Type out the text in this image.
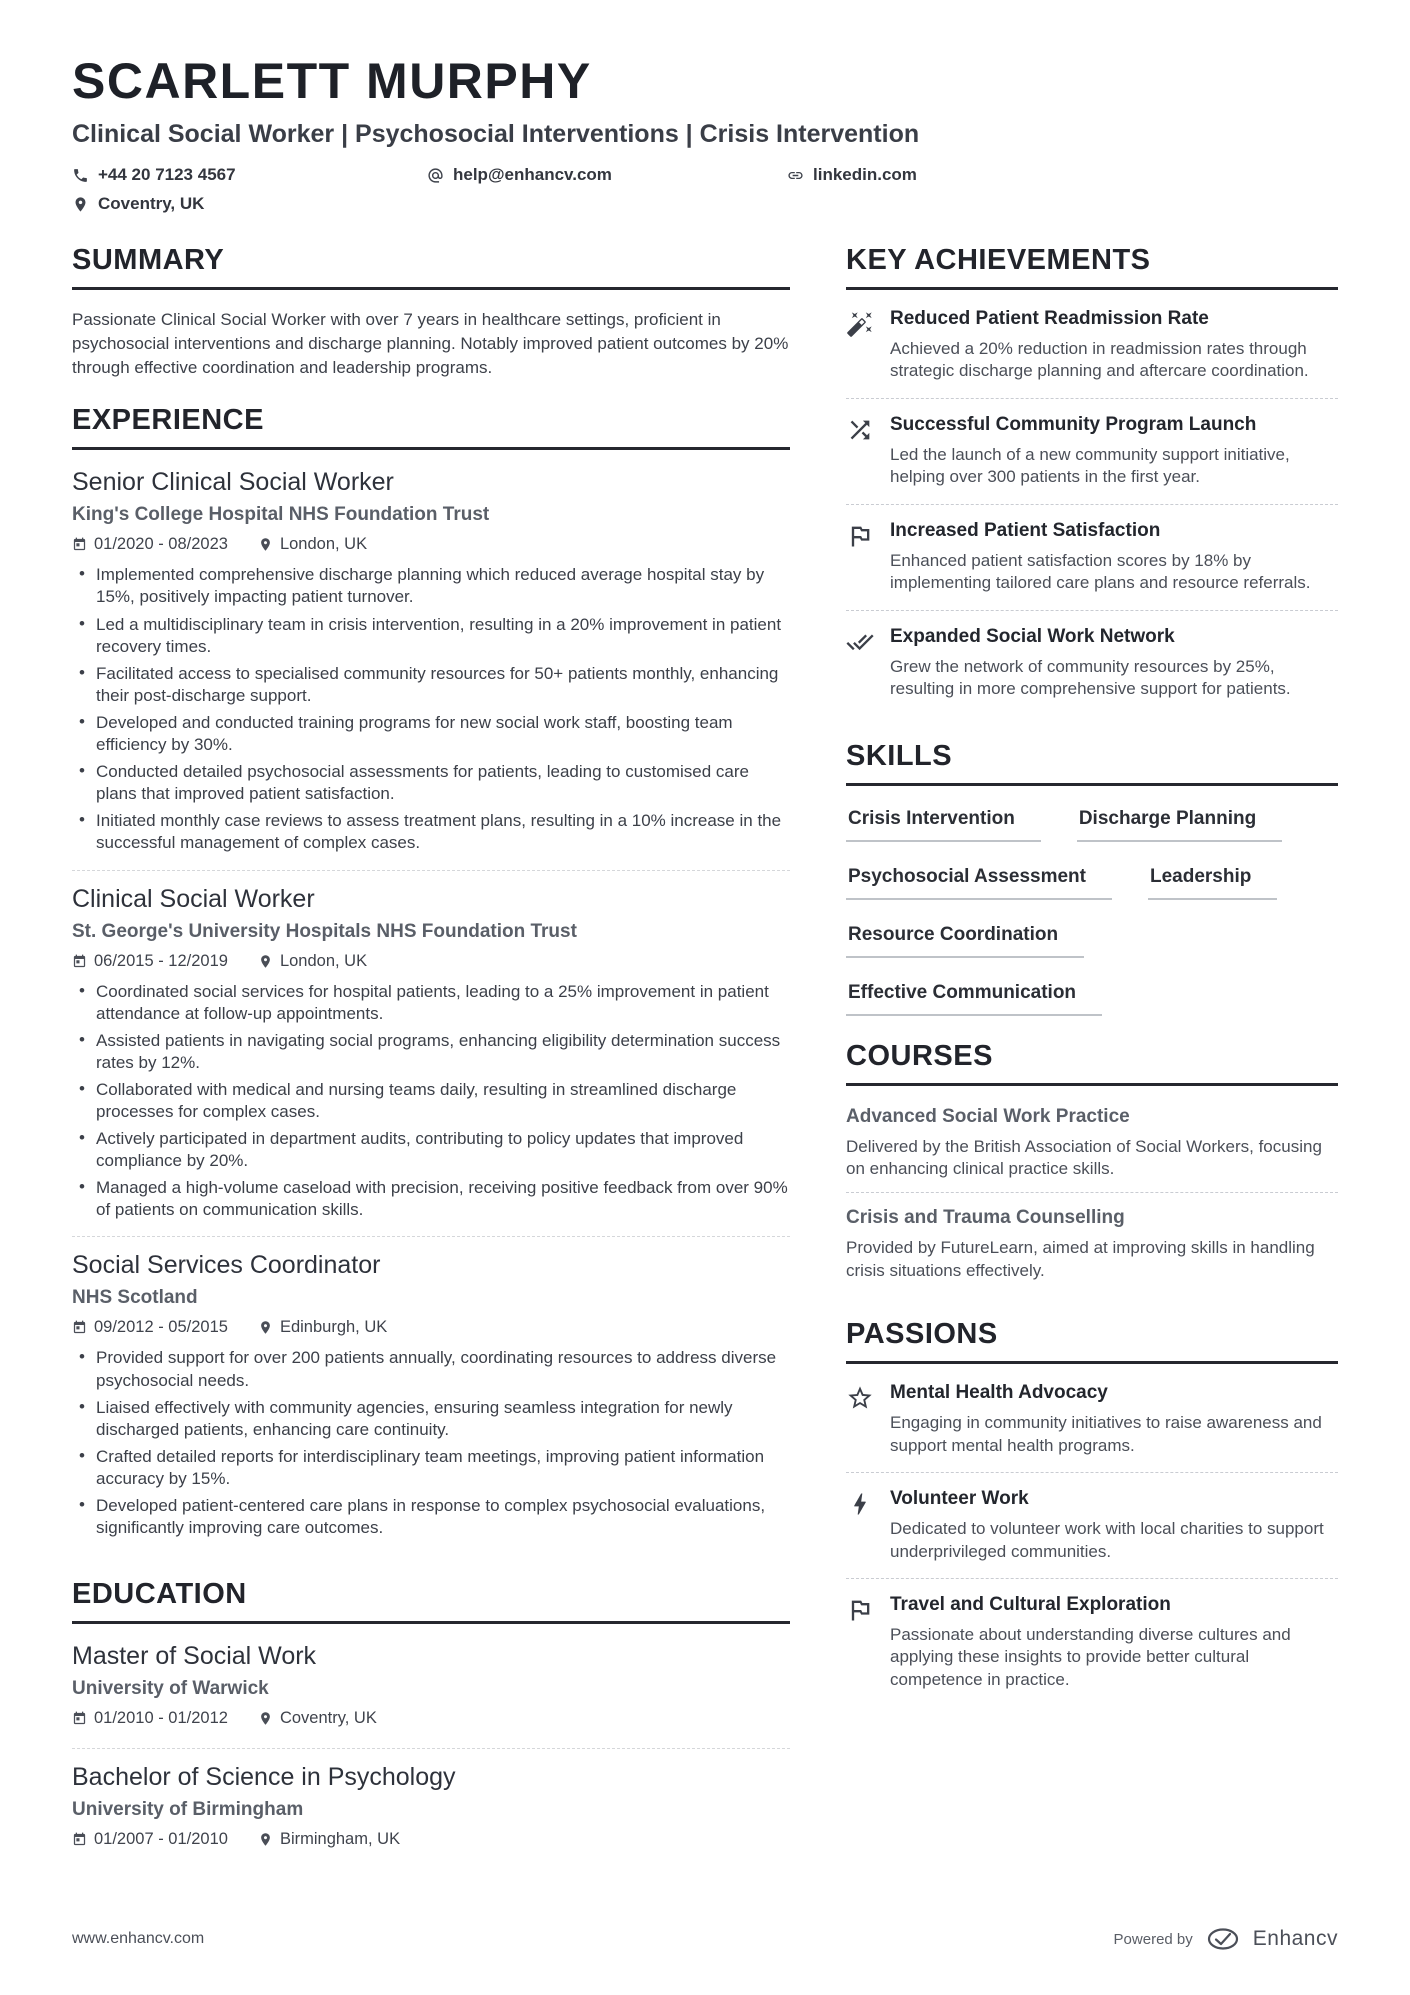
SCARLETT MURPHY
Clinical Social Worker | Psychosocial Interventions | Crisis Intervention
+44 20 7123 4567	help@enhancv.com	linkedin.com
Coventry, UK
SUMMARY

Passionate Clinical Social Worker with over 7 years in healthcare settings, proficient in psychosocial interventions and discharge planning. Notably improved patient outcomes by 20% through effective coordination and leadership programs.

EXPERIENCE
Senior Clinical Social Worker
King's College Hospital NHS Foundation Trust
01/2020 - 08/2023	London, UK
• Implemented comprehensive discharge planning which reduced average hospital stay by 15%, positively impacting patient turnover.
• Led a multidisciplinary team in crisis intervention, resulting in a 20% improvement in patient recovery times.
• Facilitated access to specialised community resources for 50+ patients monthly, enhancing their post-discharge support.
• Developed and conducted training programs for new social work staff, boosting team efficiency by 30%.
• Conducted detailed psychosocial assessments for patients, leading to customised care plans that improved patient satisfaction.
• Initiated monthly case reviews to assess treatment plans, resulting in a 10% increase in the successful management of complex cases.
Clinical Social Worker
St. George's University Hospitals NHS Foundation Trust
06/2015 - 12/2019	London, UK
• Coordinated social services for hospital patients, leading to a 25% improvement in patient attendance at follow-up appointments.
• Assisted patients in navigating social programs, enhancing eligibility determination success rates by 12%.
• Collaborated with medical and nursing teams daily, resulting in streamlined discharge processes for complex cases.
• Actively participated in department audits, contributing to policy updates that improved compliance by 20%.
• Managed a high-volume caseload with precision, receiving positive feedback from over 90% of patients on communication skills.
Social Services Coordinator
NHS Scotland
09/2012 - 05/2015	Edinburgh, UK
• Provided support for over 200 patients annually, coordinating resources to address diverse psychosocial needs.
• Liaised effectively with community agencies, ensuring seamless integration for newly discharged patients, enhancing care continuity.
• Crafted detailed reports for interdisciplinary team meetings, improving patient information accuracy by 15%.
• Developed patient-centered care plans in response to complex psychosocial evaluations, significantly improving care outcomes.
EDUCATION
Master of Social Work
University of Warwick
01/2010 - 01/2012	Coventry, UK
Bachelor of Science in Psychology
University of Birmingham
01/2007 - 01/2010	Birmingham, UK
KEY ACHIEVEMENTS
Reduced Patient Readmission Rate
Achieved a 20% reduction in readmission rates through strategic discharge planning and aftercare coordination.
Successful Community Program Launch
Led the launch of a new community support initiative, helping over 300 patients in the first year.
Increased Patient Satisfaction
Enhanced patient satisfaction scores by 18% by implementing tailored care plans and resource referrals.
Expanded Social Work Network
Grew the network of community resources by 25%, resulting in more comprehensive support for patients.
SKILLS
Crisis Intervention	Discharge Planning
Psychosocial Assessment	Leadership
Resource Coordination
Effective Communication
COURSES
Advanced Social Work Practice
Delivered by the British Association of Social Workers, focusing on enhancing clinical practice skills.
Crisis and Trauma Counselling
Provided by FutureLearn, aimed at improving skills in handling crisis situations effectively.
PASSIONS
Mental Health Advocacy
Engaging in community initiatives to raise awareness and support mental health programs.
Volunteer Work
Dedicated to volunteer work with local charities to support underprivileged communities.
Travel and Cultural Exploration
Passionate about understanding diverse cultures and applying these insights to provide better cultural competence in practice.
www.enhancv.com	Powered by	Enhancv
